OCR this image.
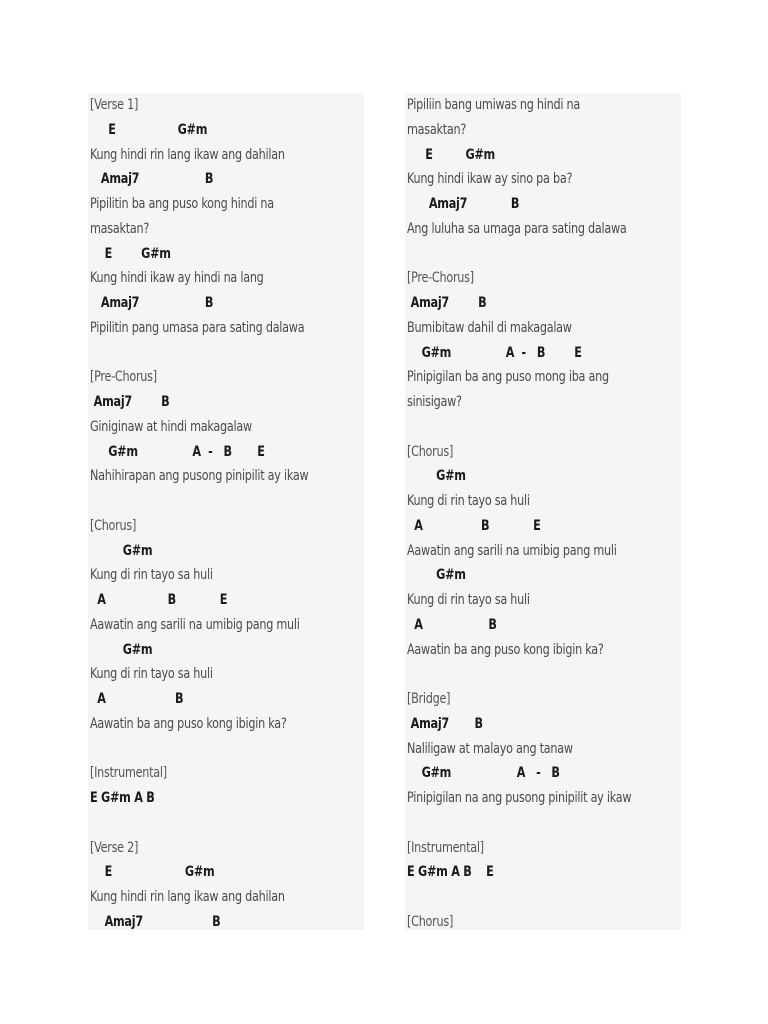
[Verse 1]
E                 G#m
Kung hindi rin lang ikaw ang dahilan
Amaj7                  B
Pipilitin ba ang puso kong hindi na
masaktan?
E        G#m
Kung hindi ikaw ay hindi na lang
Amaj7                  B
Pipilitin pang umasa para sating dalawa
[Pre-Chorus]
Amaj7        B
Giniginaw at hindi makagalaw
G#m               A  -   B       E
Nahihirapan ang pusong pinipilit ay ikaw
[Chorus]
G#m
Kung di rin tayo sa huli
A                 B            E
Aawatin ang sarili na umibig pang muli
G#m
Kung di rin tayo sa huli
A                   B
Aawatin ba ang puso kong ibigin ka?
[Instrumental]
E G#m A B
[Verse 2]
E                    G#m
Kung hindi rin lang ikaw ang dahilan
Amaj7                   B
Pipiliin bang umiwas ng hindi na
masaktan?
E         G#m
Kung hindi ikaw ay sino pa ba?
Amaj7            B
Ang luluha sa umaga para sating dalawa
[Pre-Chorus]
Amaj7        B
Bumibitaw dahil di makagalaw
G#m               A  -   B        E
Pinipigilan ba ang puso mong iba ang
sinisigaw?
[Chorus]
G#m
Kung di rin tayo sa huli
A                B            E
Aawatin ang sarili na umibig pang muli
G#m
Kung di rin tayo sa huli
A                  B
Aawatin ba ang puso kong ibigin ka?
[Bridge]
Amaj7       B
Naliligaw at malayo ang tanaw
G#m                  A   -   B
Pinipigilan na ang pusong pinipilit ay ikaw
[Instrumental]
E G#m A B    E
[Chorus]
